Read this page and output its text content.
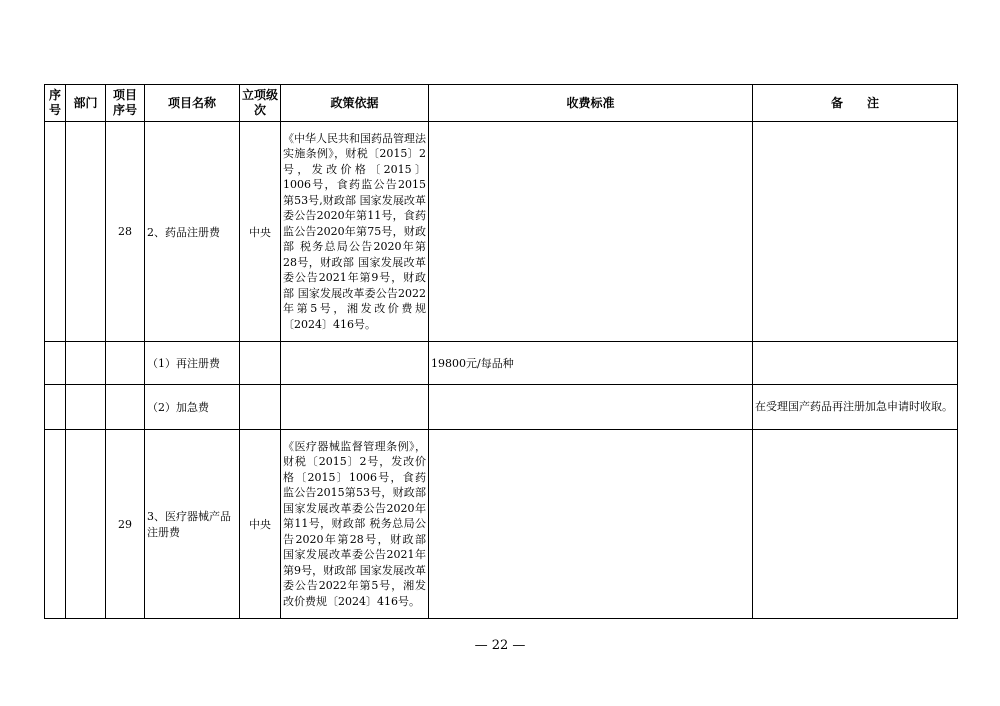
序号	部门	项目序号	项目名称	立项级次	政策依据	收费标准	备　　注
		28	2、药品注册费	中央	《中华人民共和国药品管理法实施条例》，财税〔2015〕2号，发改价格〔2015〕1006号，食药监公告2015第53号,财政部 国家发展改革委公告2020年第11号，食药监公告2020年第75号，财政部 税务总局公告2020年第28号，财政部 国家发展改革委公告2021年第9号，财政部 国家发展改革委公告2022年第5号，湘发改价费规〔2024〕416号。		
			（1）再注册费			19800元/每品种	
			（2）加急费				在受理国产药品再注册加急申请时收取。
		29	3、医疗器械产品注册费	中央	《医疗器械监督管理条例》，财税〔2015〕2号，发改价格〔2015〕1006号，食药监公告2015第53号，财政部 国家发展改革委公告2020年第11号，财政部 税务总局公告2020年第28号，财政部 国家发展改革委公告2021年第9号，财政部 国家发展改革委公告2022年第5号，湘发改价费规〔2024〕416号。		
— 22 —
